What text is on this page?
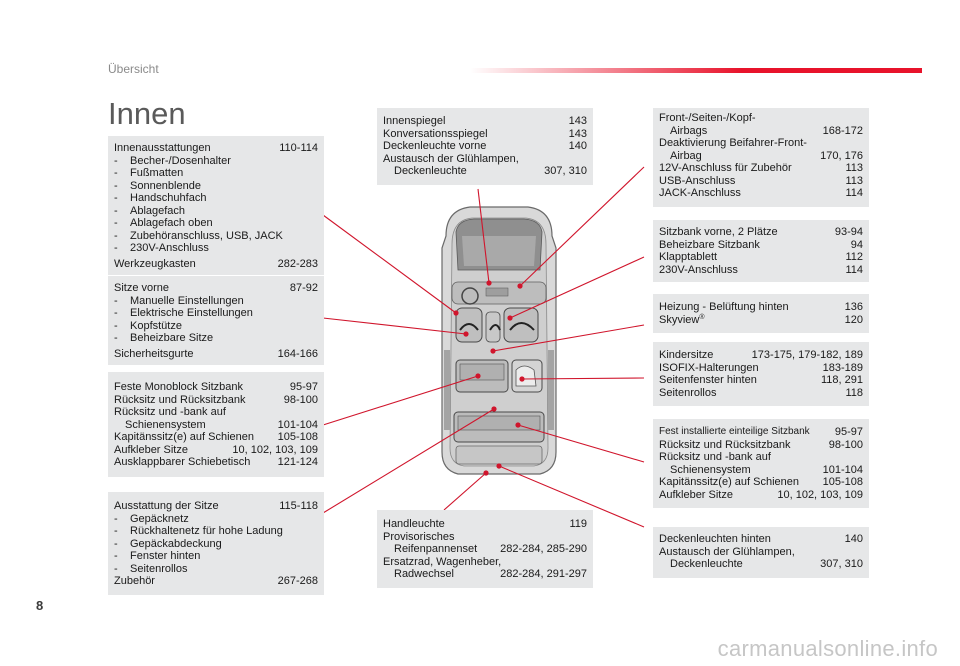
Übersicht
Innen
Innenausstattungen	110-114
-	Becher-/Dosenhalter
-	Fußmatten
-	Sonnenblende
-	Handschuhfach
-	Ablagefach
-	Ablagefach oben
-	Zubehöranschluss, USB, JACK
-	230V-Anschluss
Werkzeugkasten	282-283
Sitze vorne	87-92
-	Manuelle Einstellungen
-	Elektrische Einstellungen
-	Kopfstütze
-	Beheizbare Sitze
Sicherheitsgurte	164-166
Feste Monoblock Sitzbank	95-97
Rücksitz und Rücksitzbank	98-100
Rücksitz und -bank auf
Schienensystem	101-104
Kapitänssitz(e) auf Schienen	105-108
Aufkleber Sitze	10, 102, 103, 109
Ausklappbarer Schiebetisch	121-124
Ausstattung der Sitze	115-118
-	Gepäcknetz
-	Rückhaltenetz für hohe Ladung
-	Gepäckabdeckung
-	Fenster hinten
-	Seitenrollos
Zubehör	267-268
Innenspiegel	143
Konversationsspiegel	143
Deckenleuchte vorne	140
Austausch der Glühlampen,
Deckenleuchte	307, 310
Handleuchte	119
Provisorisches
Reifenpannenset	282-284, 285-290
Ersatzrad, Wagenheber,
Radwechsel	282-284, 291-297
Front-/Seiten-/Kopf-
Airbags	168-172
Deaktivierung Beifahrer-Front-
Airbag	170, 176
12V-Anschluss für Zubehör	113
USB-Anschluss	113
JACK-Anschluss	114
Sitzbank vorne, 2 Plätze	93-94
Beheizbare Sitzbank	94
Klapptablett	112
230V-Anschluss	114
Heizung - Belüftung hinten	136
Skyview®	120
Kindersitze	173-175, 179-182, 189
ISOFIX-Halterungen	183-189
Seitenfenster hinten	118, 291
Seitenrollos	118
Fest installierte einteilige Sitzbank	95-97
Rücksitz und Rücksitzbank	98-100
Rücksitz und -bank auf
Schienensystem	101-104
Kapitänssitz(e) auf Schienen	105-108
Aufkleber Sitze	10, 102, 103, 109
Deckenleuchten hinten	140
Austausch der Glühlampen,
Deckenleuchte	307, 310
8
carmanualsonline.info
